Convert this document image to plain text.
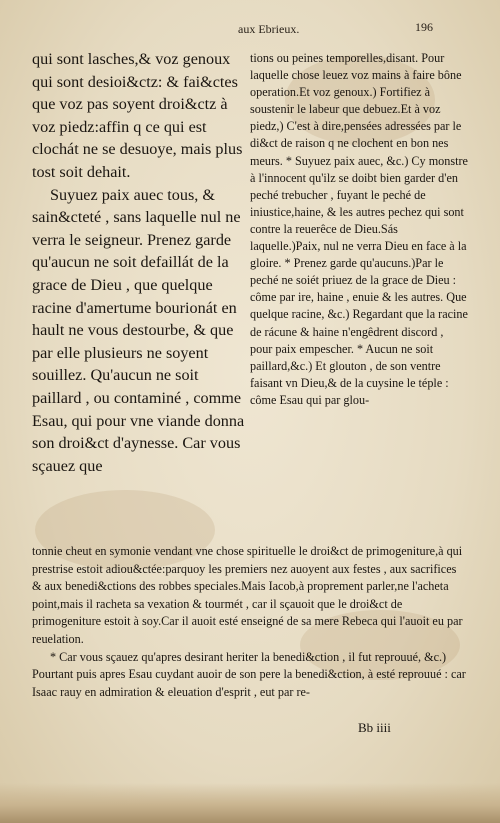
aux Ebrieux.	196

qui sont lasches,& voz genoux qui sont desioi&ctz: & fai&ctes que voz pas soyent droi&ctz à voz piedz:affin q ce qui est clochát ne se desuoye, mais plus tost soit dehait.

Suyuez paix auec tous, & sain&cteté , sans laquelle nul ne verra le seigneur. Prenez garde qu'aucun ne soit defaillát de la grace de Dieu , que quelque racine d'amertume bourionát en hault ne vous destourbe, & que par elle plusieurs ne soyent souillez. Qu'aucun ne soit paillard , ou contaminé , comme Esau, qui pour vne viande donna son droi&ct d'aynesse. Car vous sçauez que

tions ou peines temporelles,disant. Pour laquelle chose leuez voz mains à faire bône operation.Et voz genoux.) Fortifiez à soustenir le labeur que debuez.Et à voz piedz,) C'est à dire,pensées adressées par le di&ct de raison q ne clochent en bon nes meurs. * Suyuez paix auec, &c.) Cy monstre à l'innocent qu'ilz se doibt bien garder d'en peché trebucher , fuyant le peché de iniustice,haine, & les autres pechez qui sont contre la reuerêce de Dieu.Sás laquelle.)Paix, nul ne verra Dieu en face à la gloire. * Prenez garde qu'aucuns.)Par le peché ne soiét priuez de la grace de Dieu : côme par ire, haine , enuie & les autres. Que quelque racine, &c.) Regardant que la racine de rácune & haine n'engêdrent discord , pour paix empescher. * Aucun ne soit paillard,&c.) Et glouton , de son ventre faisant vn Dieu,& de la cuysine le téple : côme Esau qui par glou-

tonnie cheut en symonie vendant vne chose spirituelle le droi&ct de primogeniture,à qui prestrise estoit adiou&ctée:parquoy les premiers nez auoyent aux festes , aux sacrifices & aux benedi&ctions des robbes speciales.Mais Iacob,à proprement parler,ne l'acheta point,mais il racheta sa vexation & tourmét , car il sçauoit que le droi&ct de primogeniture estoit à soy.Car il auoit esté enseigné de sa mere Rebeca qui l'auoit eu par reuelation.

* Car vous sçauez qu'apres desirant heriter la benedi&ction , il fut reprouué, &c.) Pourtant puis apres Esau cuydant auoir de son pere la benedi&ction, à esté reprouué : car Isaac rauy en admiration & eleuation d'esprit , eut par re-

Bb iiii
